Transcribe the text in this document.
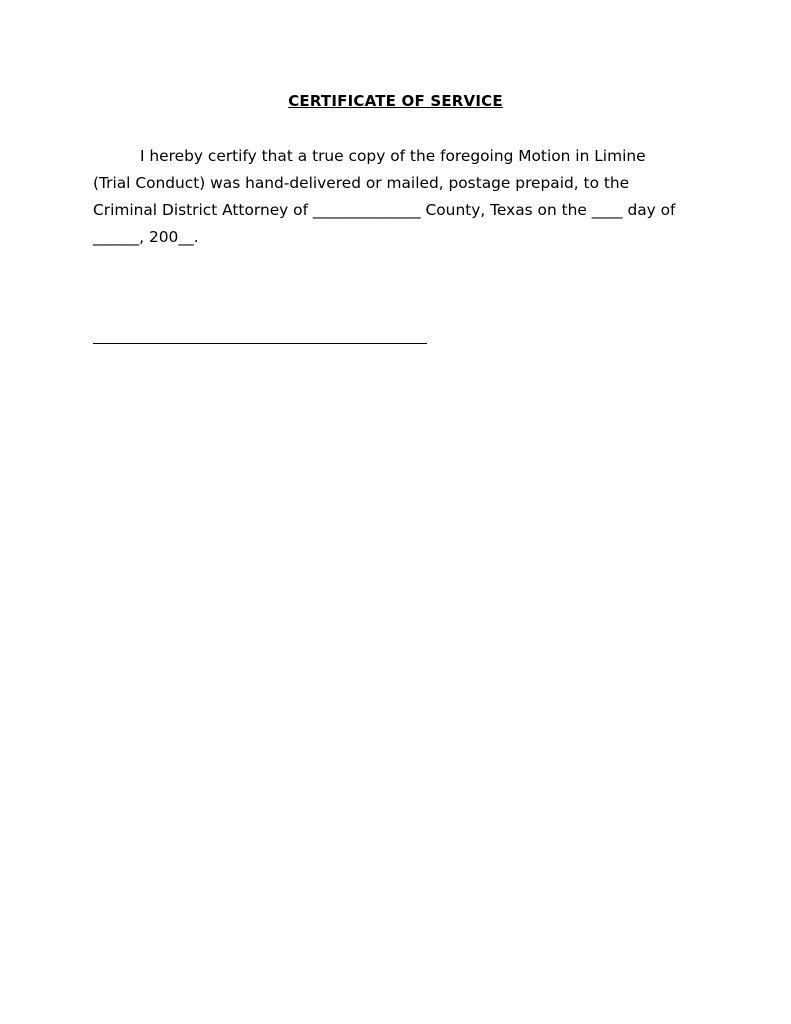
CERTIFICATE OF SERVICE
I hereby certify that a true copy of the foregoing Motion in Limine
(Trial Conduct) was hand-delivered or mailed, postage prepaid, to the
Criminal District Attorney of ______________ County, Texas on the ____ day of
______, 200__.
